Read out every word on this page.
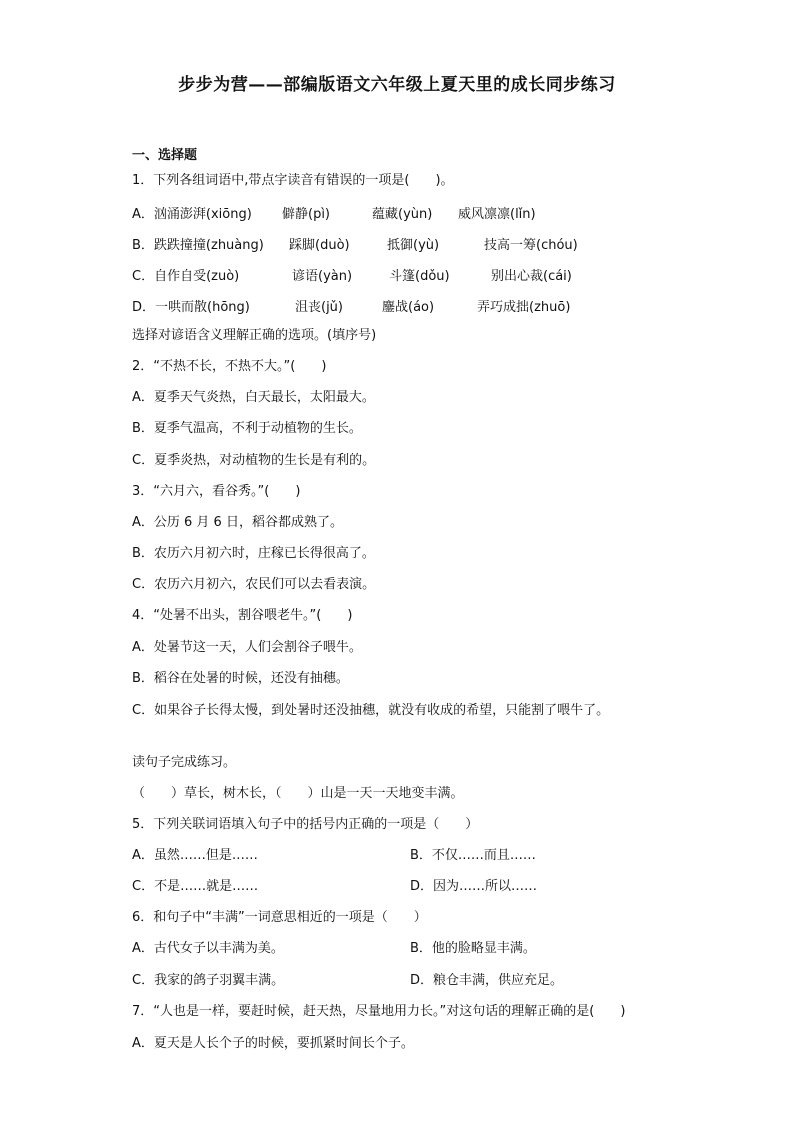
步步为营——部编版语文六年级上夏天里的成长同步练习
一、选择题
1．下列各组词语中,带点字读音有错误的一项是(　　)。
A．汹涌澎湃(xiōng) 僻静(pì)	蕴藏(yùn) 威风凛凛(lǐn)
B．跌跌撞撞(zhuàng) 踩脚(duò)	抵御(yù)	技高一筹(chóu)
C．自作自受(zuò)	谚语(yàn)	斗篷(dǒu)	别出心裁(cái)
D．一哄而散(hōng)	沮丧(jǔ)	鏖战(áo)	弄巧成拙(zhuō)
选择对谚语含义理解正确的选项。(填序号)
2．“不热不长，不热不大。”(　　)
A．夏季天气炎热，白天最长，太阳最大。
B．夏季气温高，不利于动植物的生长。
C．夏季炎热，对动植物的生长是有利的。
3．“六月六，看谷秀。”(　　)
A．公历 6 月 6 日，稻谷都成熟了。
B．农历六月初六时，庄稼已长得很高了。
C．农历六月初六，农民们可以去看表演。
4．“处暑不出头，割谷喂老牛。”(　　)
A．处暑节这一天，人们会割谷子喂牛。
B．稻谷在处暑的时候，还没有抽穗。
C．如果谷子长得太慢，到处暑时还没抽穗，就没有收成的希望，只能割了喂牛了。
读句子完成练习。
（　　）草长，树木长，（　　）山是一天一天地变丰满。
5．下列关联词语填入句子中的括号内正确的一项是（　　）
A．虽然……但是……	B．不仅……而且……
C．不是……就是……	D．因为……所以……
6．和句子中“丰满”一词意思相近的一项是（　　）
A．古代女子以丰满为美。	B．他的脸略显丰满。
C．我家的鸽子羽翼丰满。	D．粮仓丰满，供应充足。
7．“人也是一样，要赶时候，赶天热，尽量地用力长。”对这句话的理解正确的是(　　)
A．夏天是人长个子的时候，要抓紧时间长个子。
